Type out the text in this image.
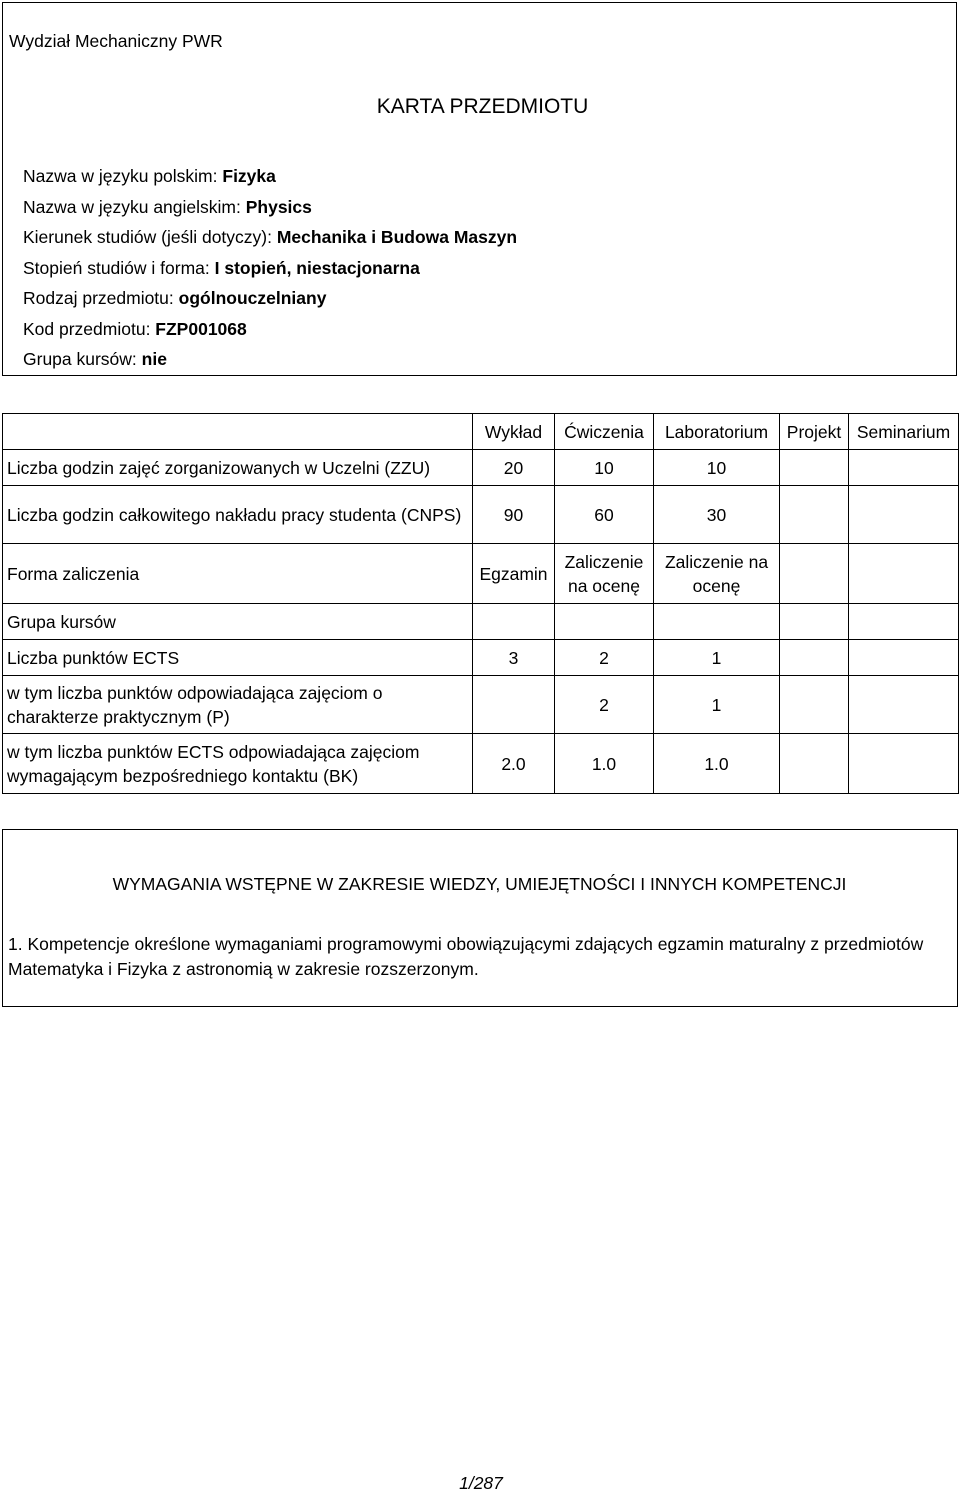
Wydział Mechaniczny PWR
KARTA PRZEDMIOTU
Nazwa w języku polskim: Fizyka
Nazwa w języku angielskim: Physics
Kierunek studiów (jeśli dotyczy): Mechanika i Budowa Maszyn
Stopień studiów i forma: I stopień, niestacjonarna
Rodzaj przedmiotu: ogólnouczelniany
Kod przedmiotu: FZP001068
Grupa kursów: nie
	Wykład	Ćwiczenia	Laboratorium	Projekt	Seminarium
Liczba godzin zajęć zorganizowanych w Uczelni (ZZU)	20	10	10		
Liczba godzin całkowitego nakładu pracy studenta (CNPS)	90	60	30		
Forma zaliczenia	Egzamin	Zaliczenie na ocenę	Zaliczenie na ocenę		
Grupa kursów					
Liczba punktów ECTS	3	2	1		
w tym liczba punktów odpowiadająca zajęciom o charakterze praktycznym (P)		2	1		
w tym liczba punktów ECTS odpowiadająca zajęciom wymagającym bezpośredniego kontaktu (BK)	2.0	1.0	1.0		
WYMAGANIA WSTĘPNE W ZAKRESIE WIEDZY, UMIEJĘTNOŚCI I INNYCH KOMPETENCJI
1. Kompetencje określone wymaganiami programowymi obowiązującymi zdających egzamin maturalny z przedmiotów Matematyka i Fizyka z astronomią w zakresie rozszerzonym.
1/287
